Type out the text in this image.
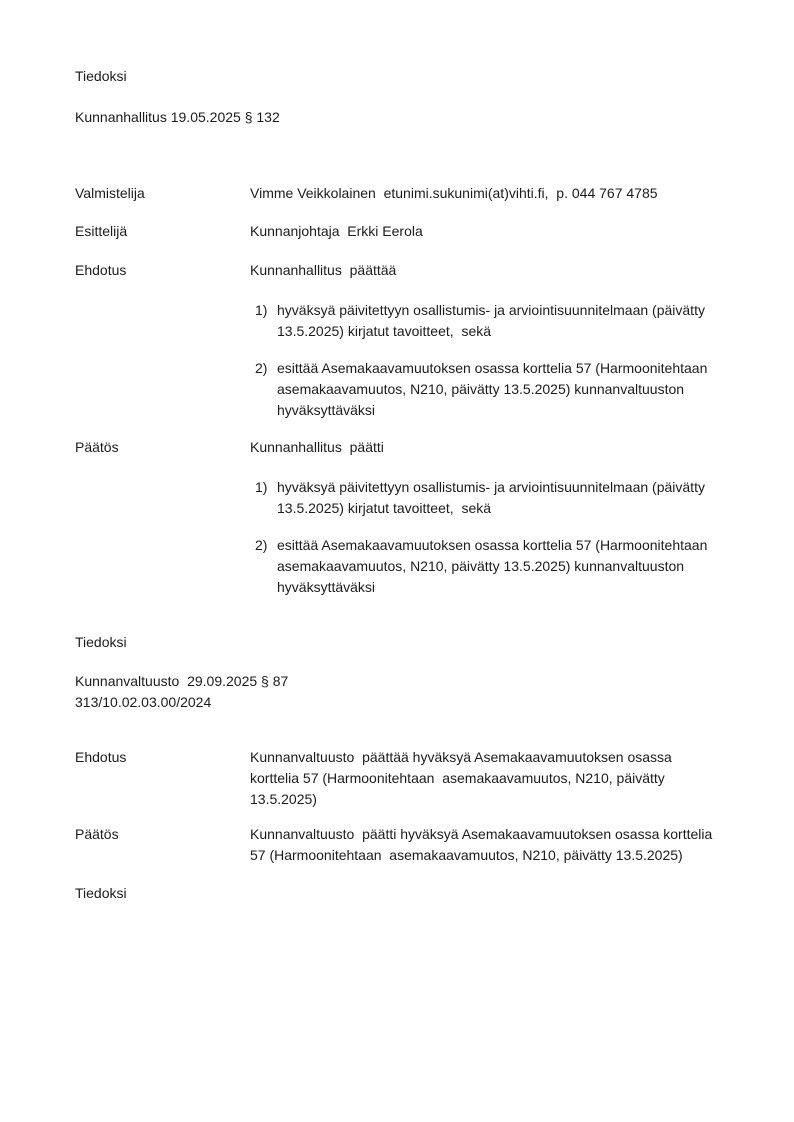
Tiedoksi
Kunnanhallitus 19.05.2025 § 132
Valmistelija	Vimme Veikkolainen  etunimi.sukunimi(at)vihti.fi,  p. 044 767 4785
Esittelijä	Kunnanjohtaja  Erkki Eerola
Ehdotus	Kunnanhallitus  päättää
1) hyväksyä päivitettyyn osallistumis- ja arviointisuunnitelmaan (päivätty
13.5.2025) kirjatut tavoitteet,  sekä
2) esittää Asemakaavamuutoksen osassa korttelia 57 (Harmoonitehtaan
asemakaavamuutos, N210, päivätty 13.5.2025) kunnanvaltuuston
hyväksyttäväksi
Päätös	Kunnanhallitus  päätti
1) hyväksyä päivitettyyn osallistumis- ja arviointisuunnitelmaan (päivätty
13.5.2025) kirjatut tavoitteet,  sekä
2) esittää Asemakaavamuutoksen osassa korttelia 57 (Harmoonitehtaan
asemakaavamuutos, N210, päivätty 13.5.2025) kunnanvaltuuston
hyväksyttäväksi
Tiedoksi
Kunnanvaltuusto  29.09.2025 § 87
313/10.02.03.00/2024
Ehdotus	Kunnanvaltuusto  päättää hyväksyä Asemakaavamuutoksen osassa
korttelia 57 (Harmoonitehtaan  asemakaavamuutos, N210, päivätty
13.5.2025)
Päätös	Kunnanvaltuusto  päätti hyväksyä Asemakaavamuutoksen osassa korttelia
57 (Harmoonitehtaan  asemakaavamuutos, N210, päivätty 13.5.2025)
Tiedoksi
